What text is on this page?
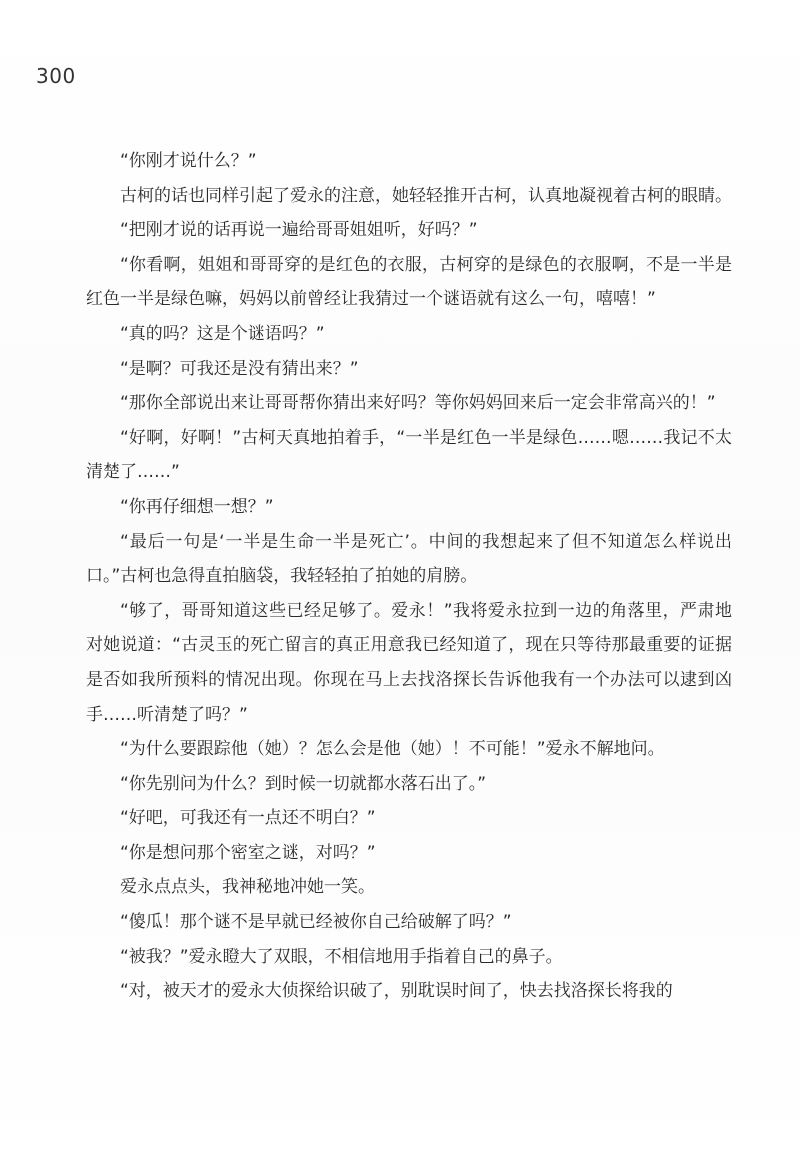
300

“你刚才说什么？”

古柯的话也同样引起了爱永的注意，她轻轻推开古柯，认真地凝视着古柯的眼睛。

“把刚才说的话再说一遍给哥哥姐姐听，好吗？”

“你看啊，姐姐和哥哥穿的是红色的衣服，古柯穿的是绿色的衣服啊，不是一半是红色一半是绿色嘛，妈妈以前曾经让我猜过一个谜语就有这么一句，嘻嘻！”

“真的吗？这是个谜语吗？”

“是啊？可我还是没有猜出来？”

“那你全部说出来让哥哥帮你猜出来好吗？等你妈妈回来后一定会非常高兴的！”

“好啊，好啊！”古柯天真地拍着手，“一半是红色一半是绿色……嗯……我记不太清楚了……”

“你再仔细想一想？”

“最后一句是‘一半是生命一半是死亡’。中间的我想起来了但不知道怎么样说出口。”古柯也急得直拍脑袋，我轻轻拍了拍她的肩膀。

“够了，哥哥知道这些已经足够了。爱永！”我将爱永拉到一边的角落里，严肃地对她说道：“古灵玉的死亡留言的真正用意我已经知道了，现在只等待那最重要的证据是否如我所预料的情况出现。你现在马上去找洛探长告诉他我有一个办法可以逮到凶手……听清楚了吗？”

“为什么要跟踪他（她）？怎么会是他（她）！不可能！”爱永不解地问。

“你先别问为什么？到时候一切就都水落石出了。”

“好吧，可我还有一点还不明白？”

“你是想问那个密室之谜，对吗？”

爱永点点头，我神秘地冲她一笑。

“傻瓜！那个谜不是早就已经被你自己给破解了吗？”

“被我？”爱永瞪大了双眼，不相信地用手指着自己的鼻子。

“对，被天才的爱永大侦探给识破了，别耽误时间了，快去找洛探长将我的
